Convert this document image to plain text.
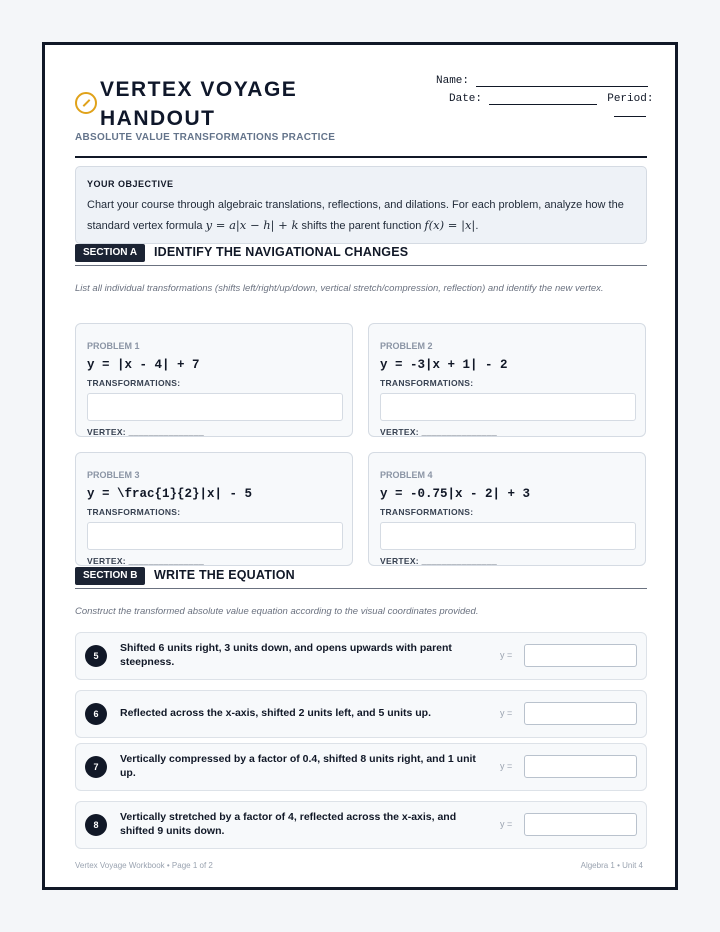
VERTEX VOYAGE HANDOUT
ABSOLUTE VALUE TRANSFORMATIONS PRACTICE
Name:
Date:	Period:
YOUR OBJECTIVE
Chart your course through algebraic translations, reflections, and dilations. For each problem, analyze how the standard vertex formula y = a|x − h| + k shifts the parent function f(x) = |x|.
SECTION A	IDENTIFY THE NAVIGATIONAL CHANGES
List all individual transformations (shifts left/right/up/down, vertical stretch/compression, reflection) and identify the new vertex.
PROBLEM 1
y = |x - 4| + 7
TRANSFORMATIONS:
VERTEX: _______________
PROBLEM 2
y = -3|x + 1| - 2
TRANSFORMATIONS:
VERTEX: _______________
PROBLEM 3
y = \frac{1}{2}|x| - 5
TRANSFORMATIONS:
VERTEX: _______________
PROBLEM 4
y = -0.75|x - 2| + 3
TRANSFORMATIONS:
VERTEX: _______________
SECTION B	WRITE THE EQUATION
Construct the transformed absolute value equation according to the visual coordinates provided.
5
Shifted 6 units right, 3 units down, and opens upwards with parent steepness.
y =
6	Reflected across the x-axis, shifted 2 units left, and 5 units up.	y =
7
Vertically compressed by a factor of 0.4, shifted 8 units right, and 1 unit up.
y =
8
Vertically stretched by a factor of 4, reflected across the x-axis, and shifted 9 units down.
y =
Vertex Voyage Workbook • Page 1 of 2	Algebra 1 • Unit 4
